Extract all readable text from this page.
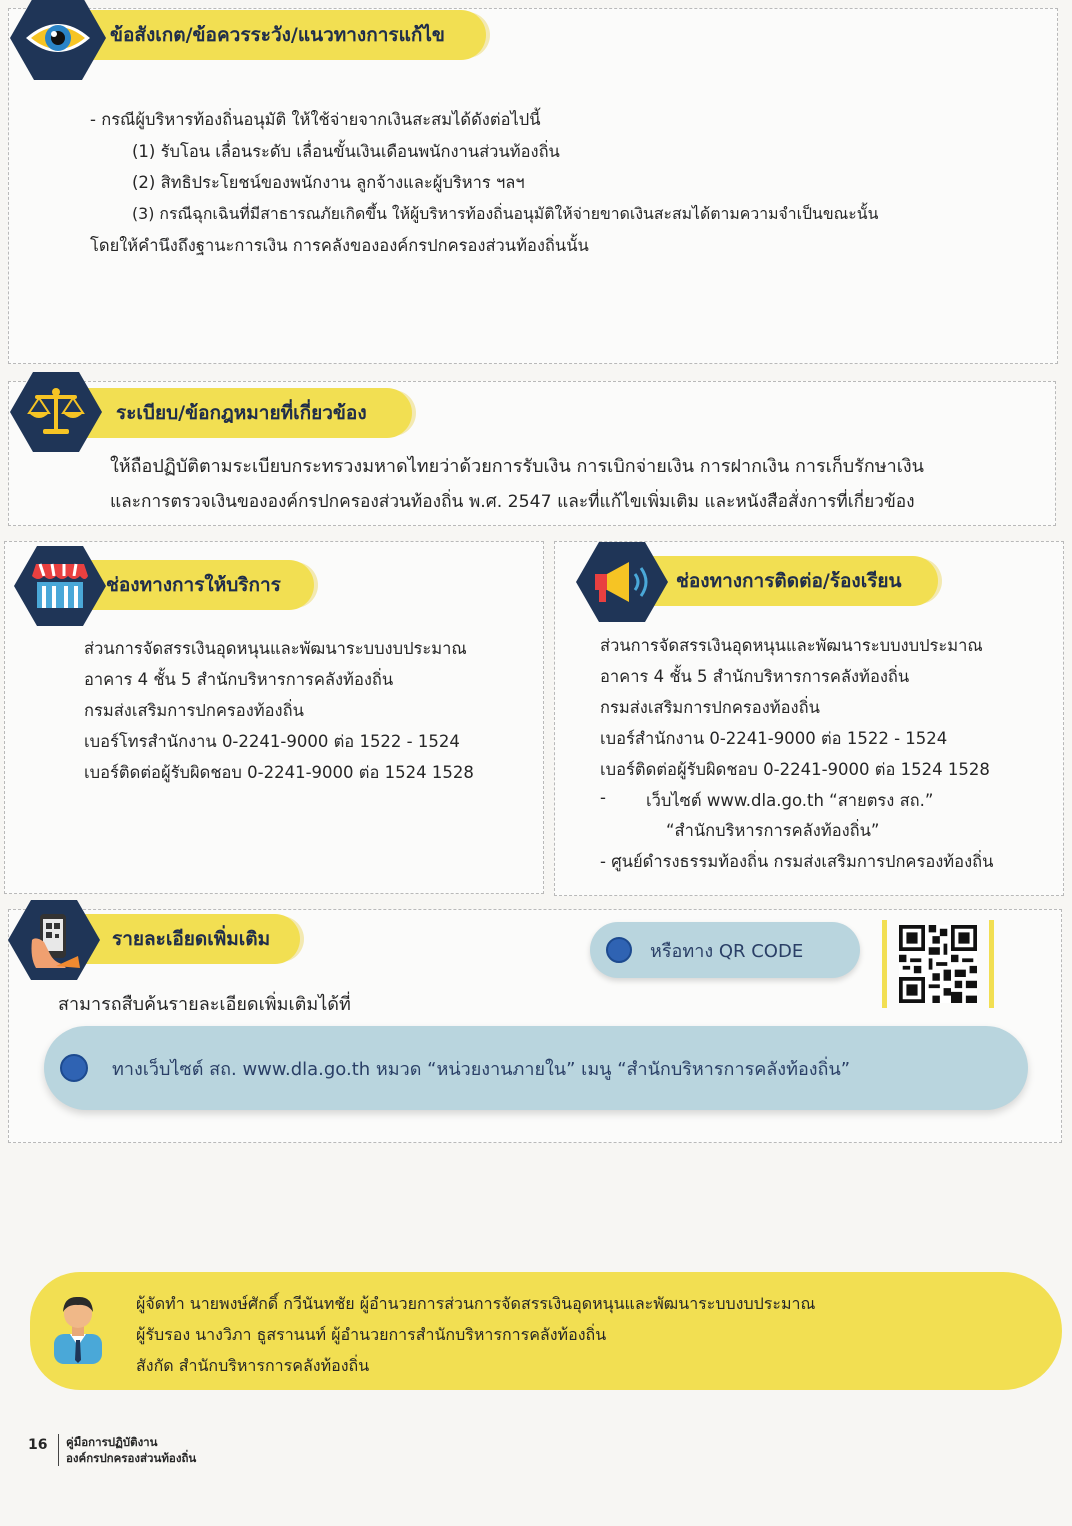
ข้อสังเกต/ข้อควรระวัง/แนวทางการแก้ไข
- กรณีผู้บริหารท้องถิ่นอนุมัติ ให้ใช้จ่ายจากเงินสะสมได้ดังต่อไปนี้
(1) รับโอน เลื่อนระดับ เลื่อนขั้นเงินเดือนพนักงานส่วนท้องถิ่น
(2) สิทธิประโยชน์ของพนักงาน ลูกจ้างและผู้บริหาร ฯลฯ
(3) กรณีฉุกเฉินที่มีสาธารณภัยเกิดขึ้น ให้ผู้บริหารท้องถิ่นอนุมัติให้จ่ายขาดเงินสะสมได้ตามความจำเป็นขณะนั้น
โดยให้คำนึงถึงฐานะการเงิน การคลังขององค์กรปกครองส่วนท้องถิ่นนั้น
ระเบียบ/ข้อกฎหมายที่เกี่ยวข้อง
ให้ถือปฏิบัติตามระเบียบกระทรวงมหาดไทยว่าด้วยการรับเงิน การเบิกจ่ายเงิน การฝากเงิน การเก็บรักษาเงิน
และการตรวจเงินขององค์กรปกครองส่วนท้องถิ่น พ.ศ. 2547 และที่แก้ไขเพิ่มเติม และหนังสือสั่งการที่เกี่ยวข้อง
ช่องทางการให้บริการ
ส่วนการจัดสรรเงินอุดหนุนและพัฒนาระบบงบประมาณ
อาคาร 4 ชั้น 5 สำนักบริหารการคลังท้องถิ่น
กรมส่งเสริมการปกครองท้องถิ่น
เบอร์โทรสำนักงาน 0-2241-9000 ต่อ 1522 - 1524
เบอร์ติดต่อผู้รับผิดชอบ 0-2241-9000 ต่อ 1524 1528
ช่องทางการติดต่อ/ร้องเรียน
ส่วนการจัดสรรเงินอุดหนุนและพัฒนาระบบงบประมาณ
อาคาร 4 ชั้น 5 สำนักบริหารการคลังท้องถิ่น
กรมส่งเสริมการปกครองท้องถิ่น
เบอร์สำนักงาน 0-2241-9000 ต่อ 1522 - 1524
เบอร์ติดต่อผู้รับผิดชอบ 0-2241-9000 ต่อ 1524 1528
- เว็บไซต์ www.dla.go.th “สายตรง สถ.”
“สำนักบริหารการคลังท้องถิ่น”
- ศูนย์ดำรงธรรมท้องถิ่น กรมส่งเสริมการปกครองท้องถิ่น
รายละเอียดเพิ่มเติม
สามารถสืบค้นรายละเอียดเพิ่มเติมได้ที่
หรือทาง QR CODE
ทางเว็บไซต์ สถ. www.dla.go.th หมวด “หน่วยงานภายใน” เมนู “สำนักบริหารการคลังท้องถิ่น”
ผู้จัดทำ นายพงษ์ศักดิ์ กวีนันทชัย ผู้อำนวยการส่วนการจัดสรรเงินอุดหนุนและพัฒนาระบบงบประมาณ
ผู้รับรอง นางวิภา ธูสรานนท์ ผู้อำนวยการสำนักบริหารการคลังท้องถิ่น
สังกัด สำนักบริหารการคลังท้องถิ่น
16 คู่มือการปฏิบัติงาน
องค์กรปกครองส่วนท้องถิ่น
